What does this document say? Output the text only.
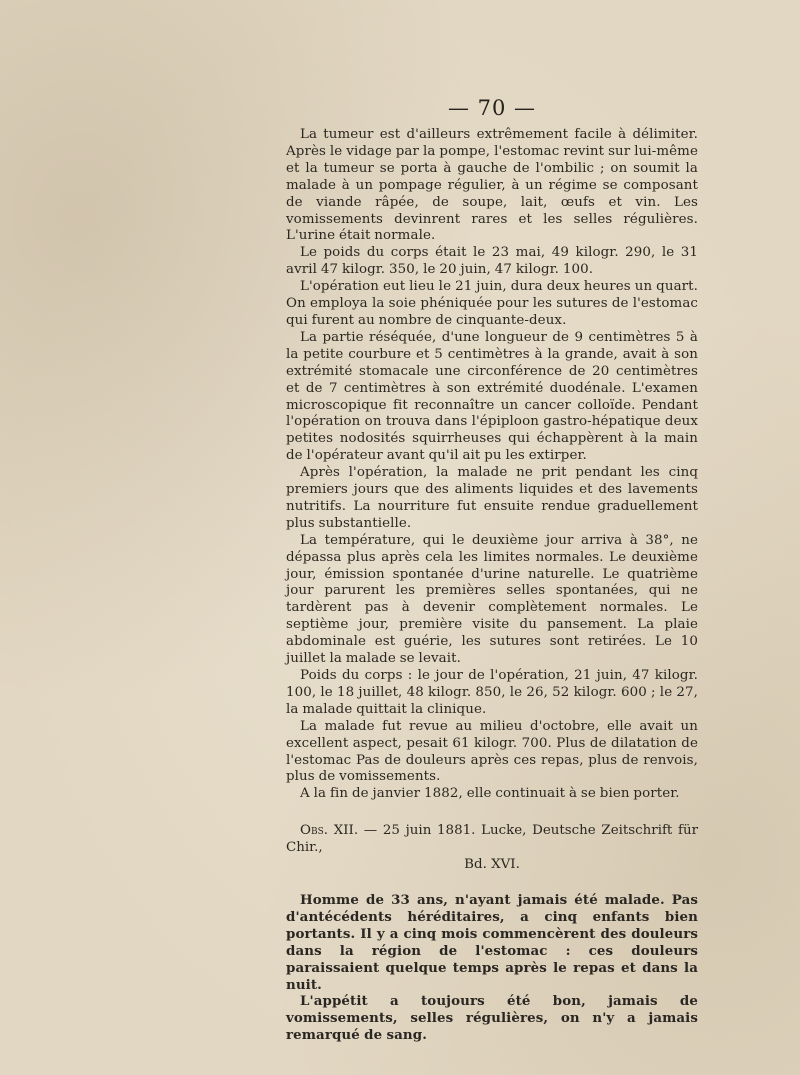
— 70 —

La tumeur est d'ailleurs extrêmement facile à délimiter. Après le vidage par la pompe, l'estomac revint sur lui-même et la tumeur se porta à gauche de l'ombilic ; on soumit la malade à un pompage régulier, à un régime se composant de viande râpée, de soupe, lait, œufs et vin. Les vomissements devinrent rares et les selles régulières. L'urine était normale.

Le poids du corps était le 23 mai, 49 kilogr. 290, le 31 avril 47 kilogr. 350, le 20 juin, 47 kilogr. 100.

L'opération eut lieu le 21 juin, dura deux heures un quart. On employa la soie phéniquée pour les sutures de l'estomac qui furent au nombre de cinquante-deux.

La partie réséquée, d'une longueur de 9 centimètres 5 à la petite courbure et 5 centimètres à la grande, avait à son extrémité stomacale une circonférence de 20 centimètres et de 7 centimètres à son extrémité duodénale. L'examen microscopique fit reconnaître un cancer colloïde. Pendant l'opération on trouva dans l'épiploon gastro-hépatique deux petites nodosités squirrheuses qui échappèrent à la main de l'opérateur avant qu'il ait pu les extirper.

Après l'opération, la malade ne prit pendant les cinq premiers jours que des aliments liquides et des lavements nutritifs. La nourriture fut ensuite rendue graduellement plus substantielle.

La température, qui le deuxième jour arriva à 38°, ne dépassa plus après cela les limites normales. Le deuxième jour, émission spontanée d'urine naturelle. Le quatrième jour parurent les premières selles spontanées, qui ne tardèrent pas à devenir complètement normales. Le septième jour, première visite du pansement. La plaie abdominale est guérie, les sutures sont retirées. Le 10 juillet la malade se levait.

Poids du corps : le jour de l'opération, 21 juin, 47 kilogr. 100, le 18 juillet, 48 kilogr. 850, le 26, 52 kilogr. 600 ; le 27, la malade quittait la clinique.

La malade fut revue au milieu d'octobre, elle avait un excellent aspect, pesait 61 kilogr. 700. Plus de dilatation de l'estomac Pas de douleurs après ces repas, plus de renvois, plus de vomissements.

A la fin de janvier 1882, elle continuait à se bien porter.

Obs. XII. — 25 juin 1881. Lucke, Deutsche Zeitschrift für Chir.,
Bd. XVI.

Homme de 33 ans, n'ayant jamais été malade. Pas d'antécédents héréditaires, a cinq enfants bien portants. Il y a cinq mois commencèrent des douleurs dans la région de l'estomac : ces douleurs paraissaient quelque temps après le repas et dans la nuit.

L'appétit a toujours été bon, jamais de vomissements, selles régulières, on n'y a jamais remarqué de sang.
